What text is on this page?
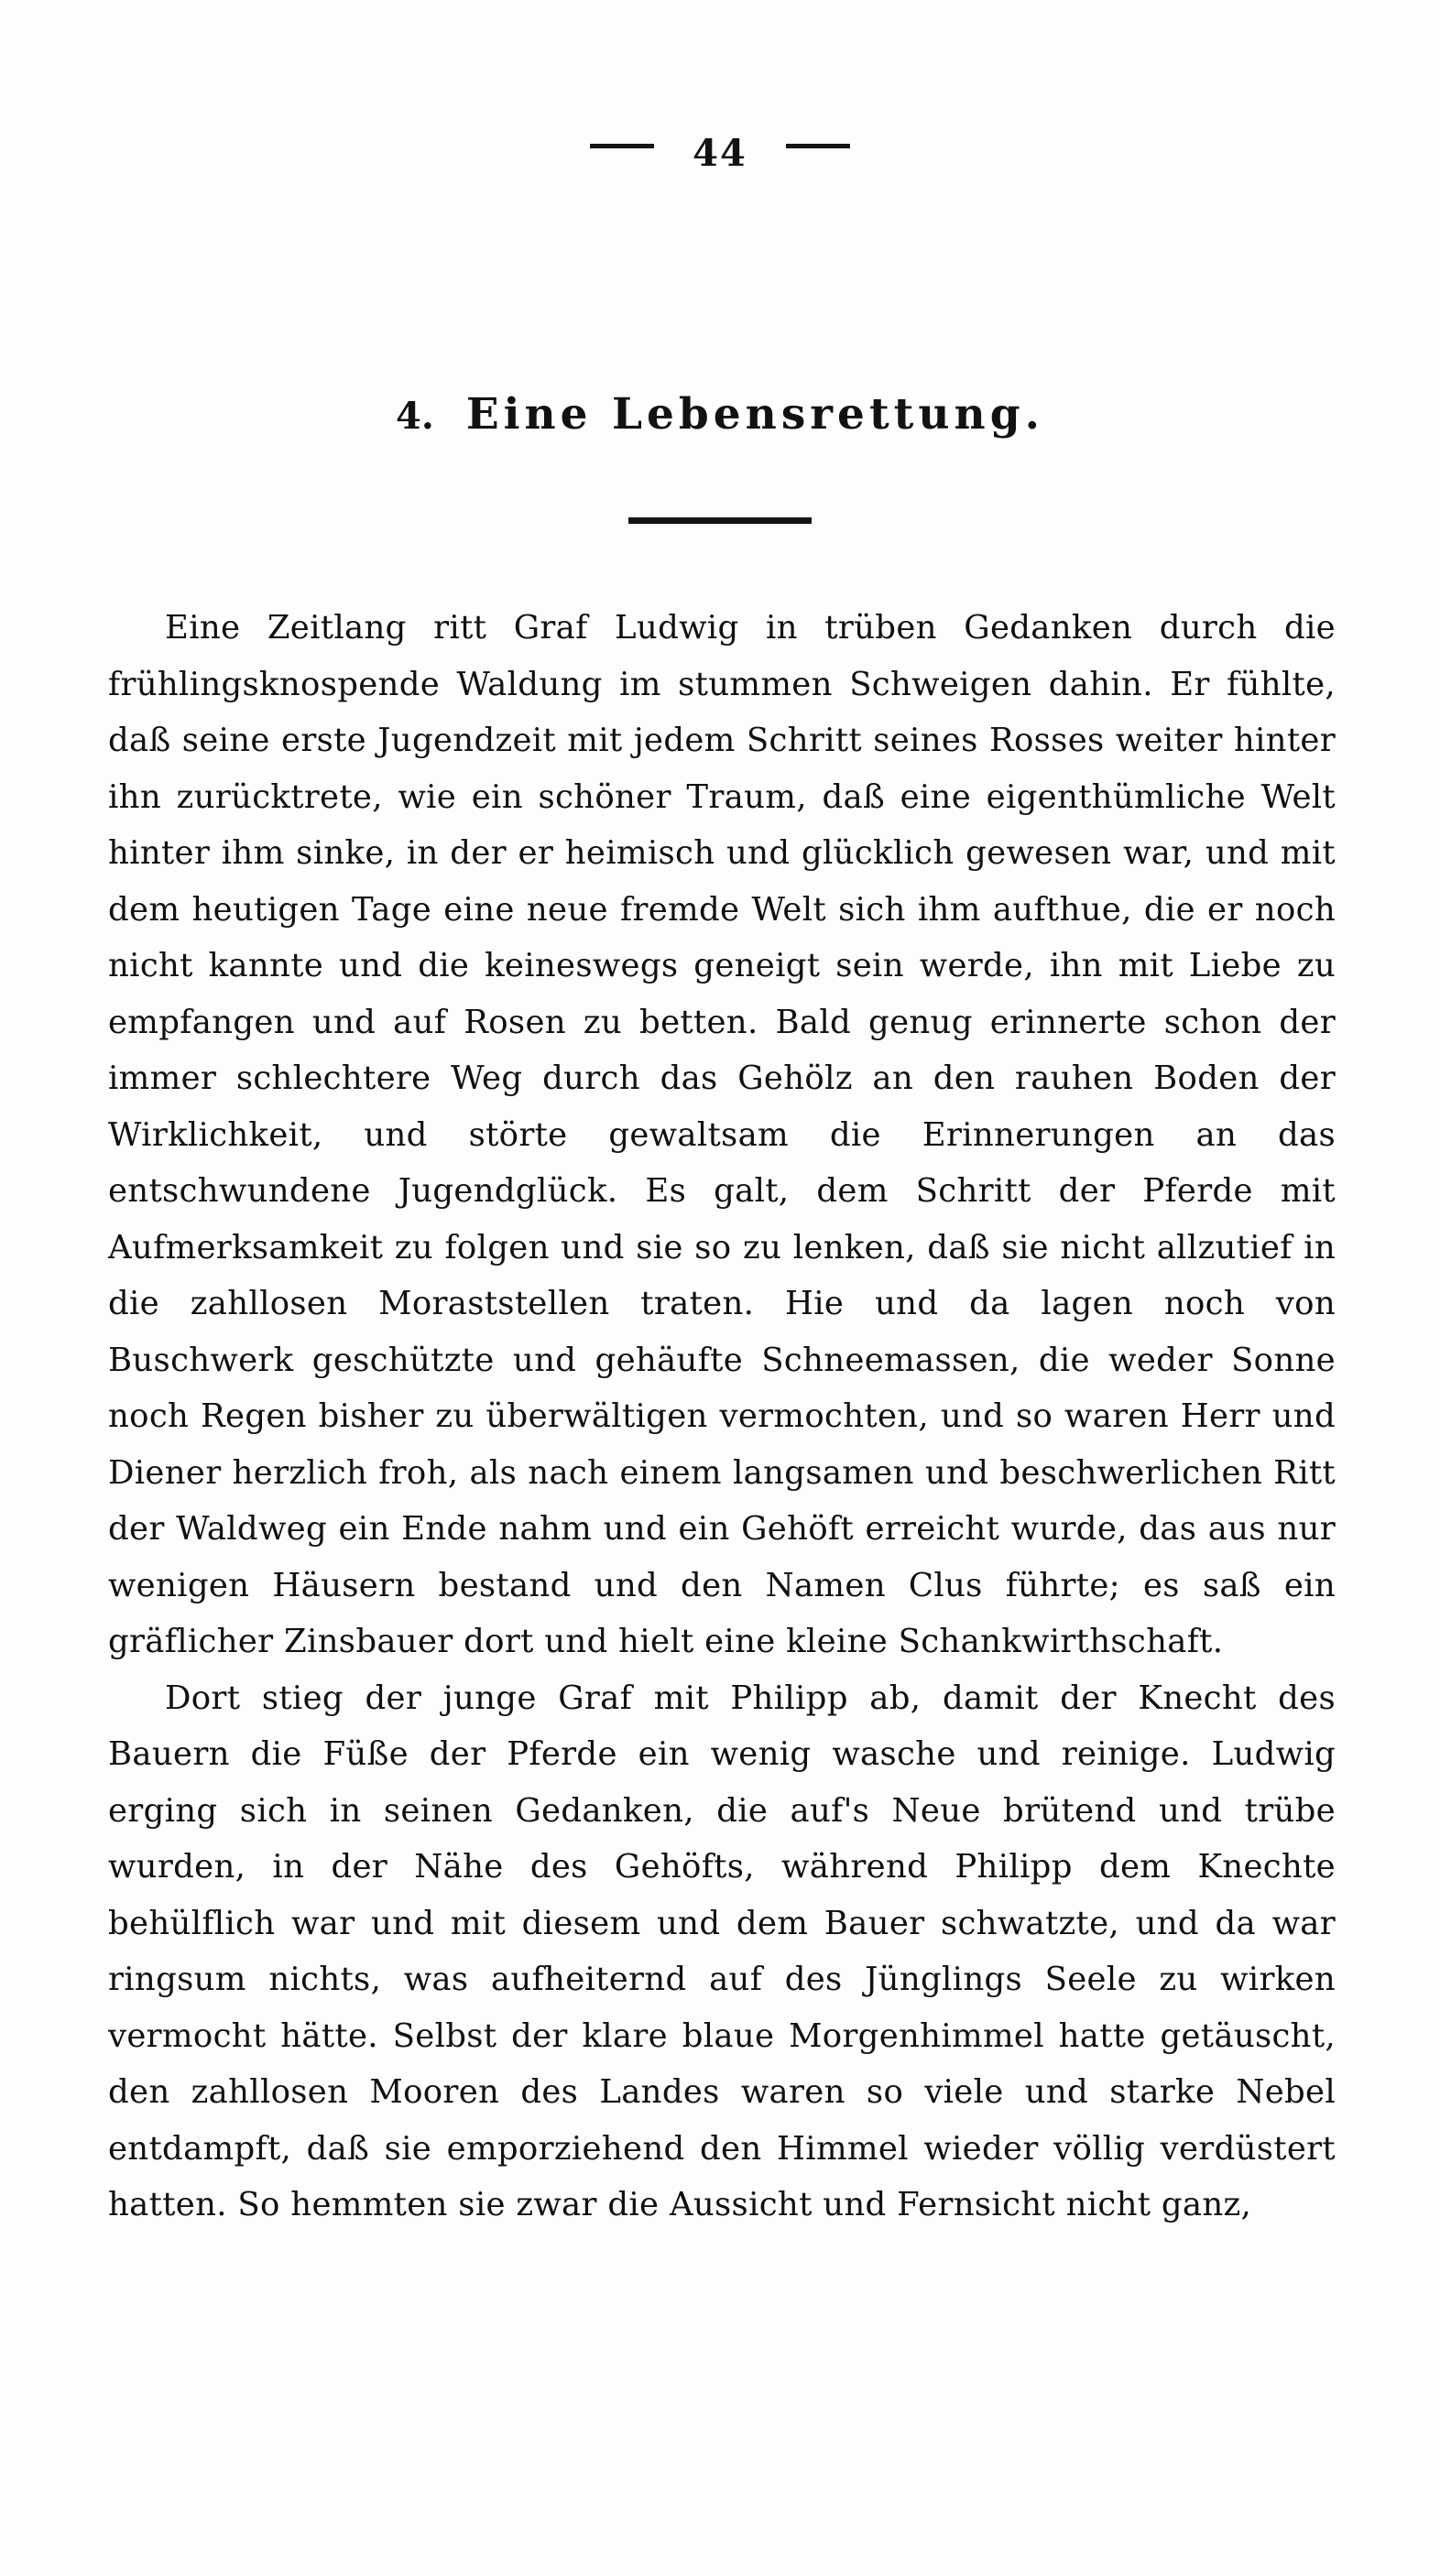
44
4. Eine Lebensrettung.

Eine Zeitlang ritt Graf Ludwig in trüben Gedanken durch die frühlingsknospende Waldung im stummen Schweigen dahin. Er fühlte, daß seine erste Jugendzeit mit jedem Schritt seines Rosses weiter hinter ihn zurücktrete, wie ein schöner Traum, daß eine eigenthümliche Welt hinter ihm sinke, in der er heimisch und glücklich gewesen war, und mit dem heutigen Tage eine neue fremde Welt sich ihm aufthue, die er noch nicht kannte und die keineswegs geneigt sein werde, ihn mit Liebe zu empfangen und auf Rosen zu betten. Bald genug erinnerte schon der immer schlechtere Weg durch das Gehölz an den rauhen Boden der Wirklichkeit, und störte gewaltsam die Erinnerungen an das entschwundene Jugendglück. Es galt, dem Schritt der Pferde mit Aufmerksamkeit zu folgen und sie so zu lenken, daß sie nicht allzutief in die zahllosen Moraststellen traten. Hie und da lagen noch von Buschwerk geschützte und gehäufte Schneemassen, die weder Sonne noch Regen bisher zu überwältigen vermochten, und so waren Herr und Diener herzlich froh, als nach einem langsamen und beschwerlichen Ritt der Waldweg ein Ende nahm und ein Gehöft erreicht wurde, das aus nur wenigen Häusern bestand und den Namen Clus führte; es saß ein gräflicher Zinsbauer dort und hielt eine kleine Schankwirthschaft.

Dort stieg der junge Graf mit Philipp ab, damit der Knecht des Bauern die Füße der Pferde ein wenig wasche und reinige. Ludwig erging sich in seinen Gedanken, die auf's Neue brütend und trübe wurden, in der Nähe des Gehöfts, während Philipp dem Knechte behülflich war und mit diesem und dem Bauer schwatzte, und da war ringsum nichts, was aufheiternd auf des Jünglings Seele zu wirken vermocht hätte. Selbst der klare blaue Morgenhimmel hatte getäuscht, den zahllosen Mooren des Landes waren so viele und starke Nebel entdampft, daß sie emporziehend den Himmel wieder völlig verdüstert hatten. So hemmten sie zwar die Aussicht und Fernsicht nicht ganz,
